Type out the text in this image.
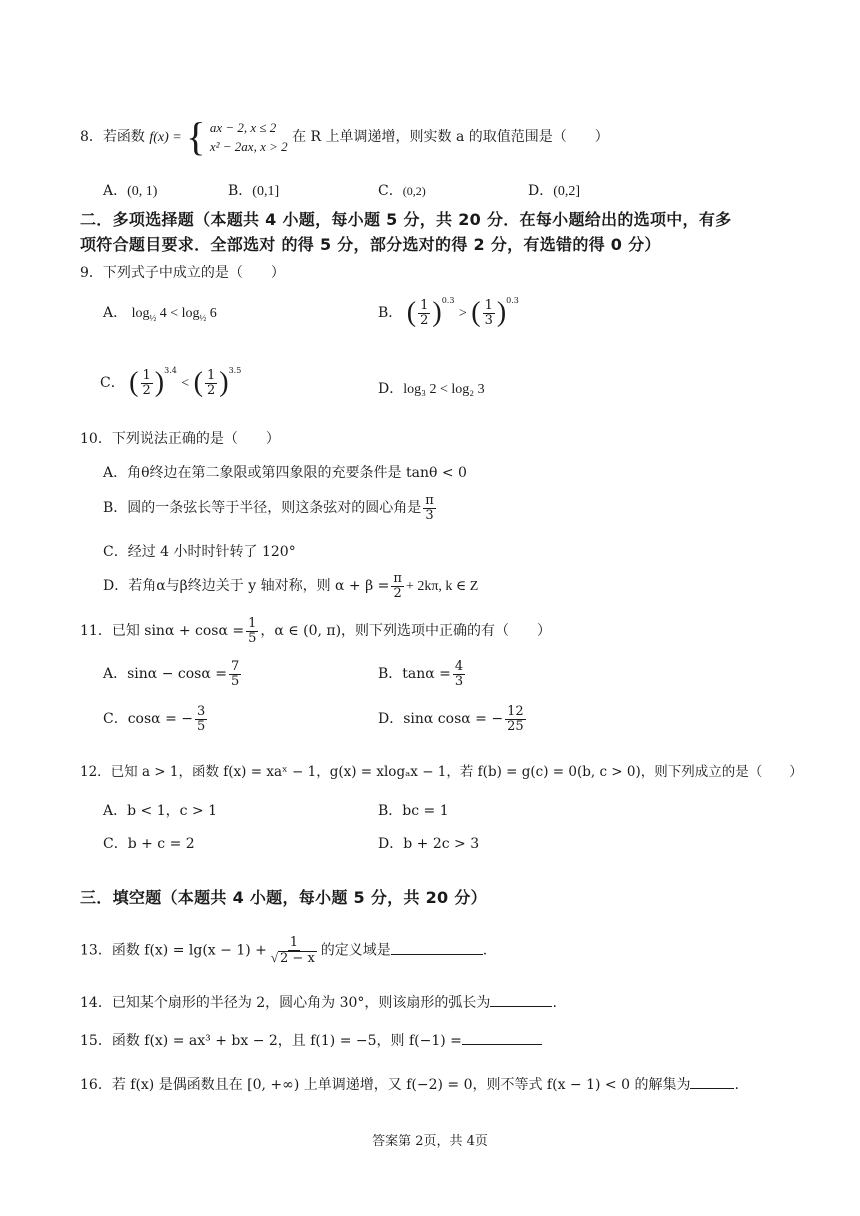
8．若函数 f(x) = { ax − 2, x ≤ 2
x² − 2ax, x > 2
在 R 上单调递增，则实数 a 的取值范围是（　　）
A．(0, 1)	B．(0,1]	C．(0,2)	D．(0,2]
二．多项选择题（本题共 4 小题，每小题 5 分，共 20 分．在每小题给出的选项中，有多
项符合题目要求．全部选对 的得 5 分，部分选对的得 2 分，有选错的得 0 分）
9．下列式子中成立的是（　　）
A． $\log_{\frac{1}{2}} 4 < \log_{\frac{1}{2}} 6$	B． ( $\frac{1}{2} )^{0.3}$ > ( $\frac{1}{3} )^{0.3}$
C． ( $\frac{1}{2} )^{3.4}$ < ( $\frac{1}{2} )^{3.5}$
D．log₃ 2 < log₂ 3
10．下列说法正确的是（　　）
A．角θ终边在第二象限或第四象限的充要条件是 tanθ < 0
B．圆的一条弦长等于半径，则这条弦对的圆心角是 $\frac{\pi}{3}$
C．经过 4 小时时针转了 120°
D．若角α与β终边关于 y 轴对称，则 $\alpha + \beta = \frac{\pi}{2} + 2k\pi$, k ∈ Z
11．已知 $\sin\alpha + \cos\alpha = \frac{1}{5}$ ，α ∈ (0, π)，则下列选项中正确的有（　　）
A．$\sin\alpha - \cos\alpha = \frac{7}{5}$	B．$\tan\alpha = \frac{4}{3}$
C．cosα = − $\frac{3}{5}$	D．sinα cosα = − $\frac{12}{25}$
12．已知 a > 1，函数 f(x) = xaˣ − 1，g(x) = xlogₐx − 1，若 f(b) = g(c) = 0(b, c > 0)，则下列成立的是（　　）
A．b < 1，c > 1	B．bc = 1
C．b + c = 2	D．b + 2c > 3
三．填空题（本题共 4 小题，每小题 5 分，共 20 分）
13．函数 $f(x) = \lg(x - 1) + \frac{1}{√ 2 - x}$ 的定义域是	.
14．已知某个扇形的半径为 2，圆心角为 30°，则该扇形的弧长为	.
15．函数 f(x) = ax³ + bx − 2，且 f(1) = −5，则 f(−1) =
16．若 f(x) 是偶函数且在 [0, +∞) 上单调递增，又 f(−2) = 0，则不等式 f(x − 1) < 0 的解集为	.
答案第 2页，共 4页
